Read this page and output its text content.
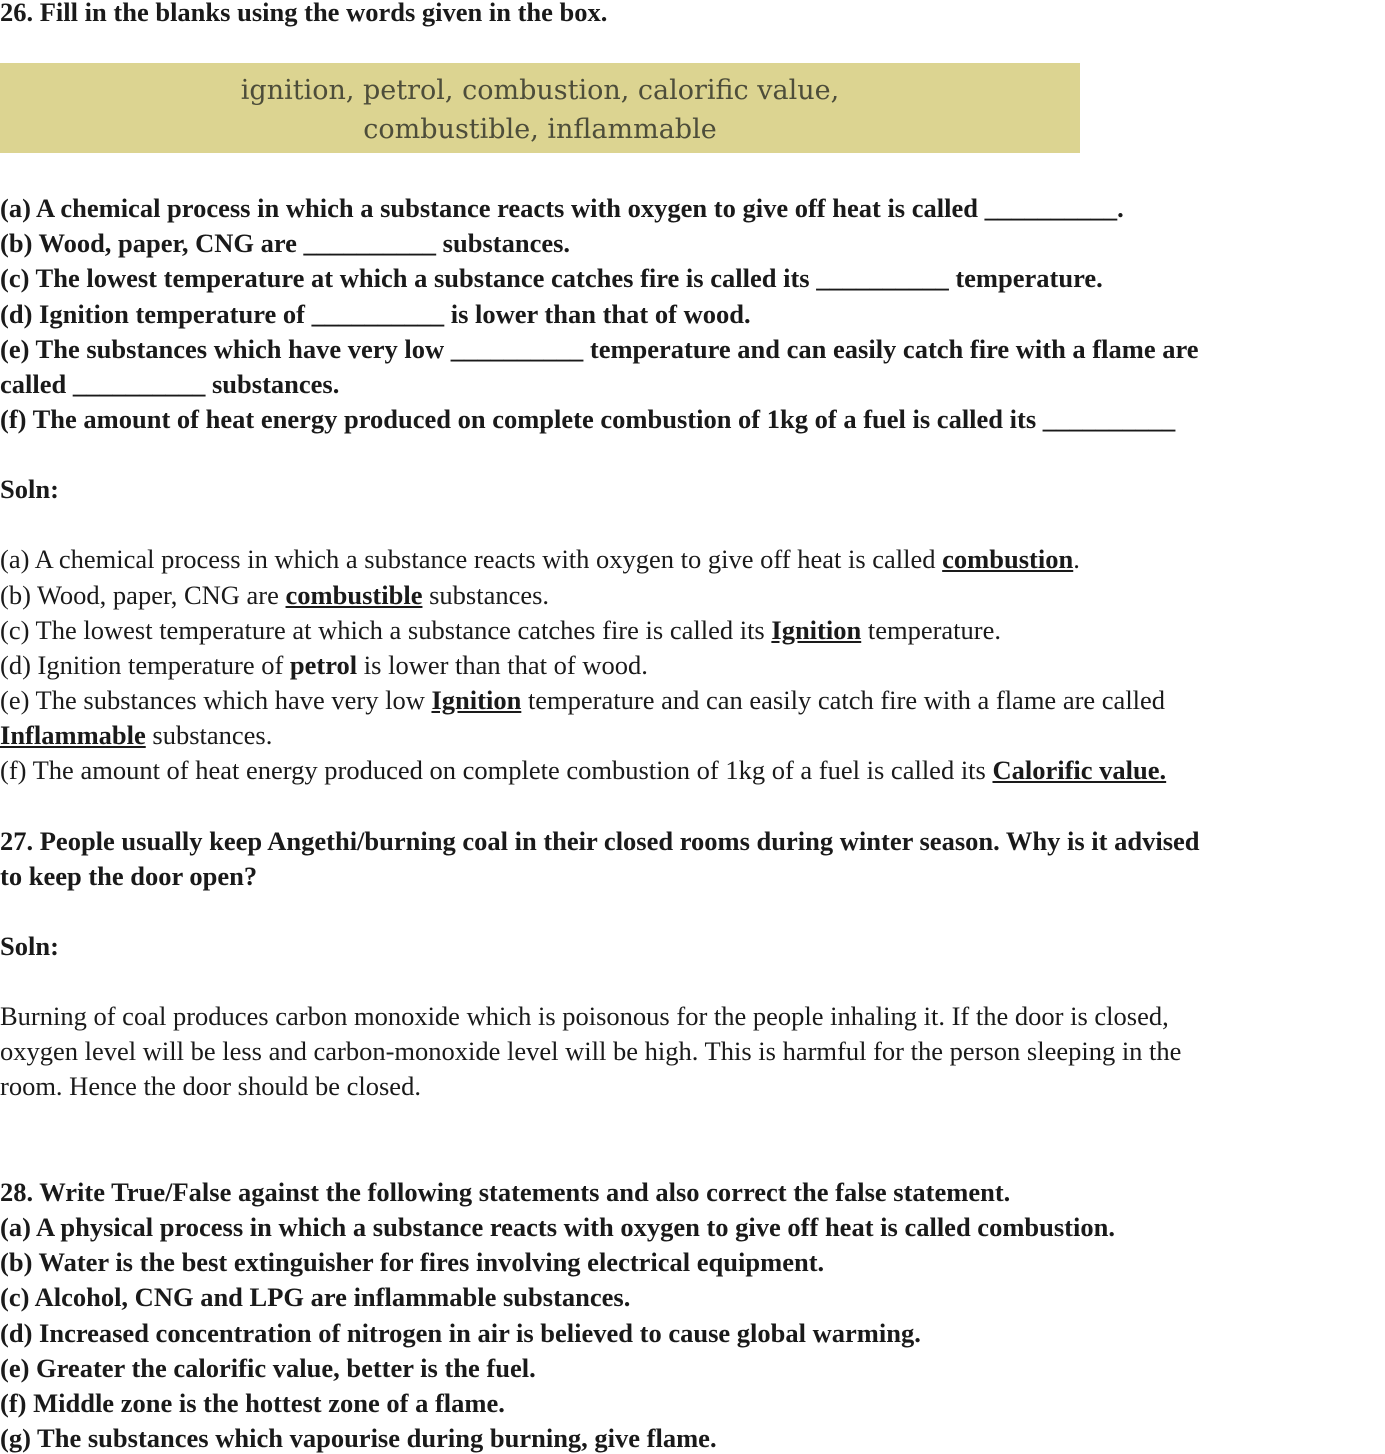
26. Fill in the blanks using the words given in the box.
ignition, petrol, combustion, calorific value,
combustible, inflammable
(a) A chemical process in which a substance reacts with oxygen to give off heat is called __________.
(b) Wood, paper, CNG are __________ substances.
(c) The lowest temperature at which a substance catches fire is called its __________ temperature.
(d) Ignition temperature of __________ is lower than that of wood.
(e) The substances which have very low __________ temperature and can easily catch fire with a flame are
called __________ substances.
(f) The amount of heat energy produced on complete combustion of 1kg of a fuel is called its __________
Soln:
(a) A chemical process in which a substance reacts with oxygen to give off heat is called combustion.
(b) Wood, paper, CNG are combustible substances.
(c) The lowest temperature at which a substance catches fire is called its Ignition temperature.
(d) Ignition temperature of petrol is lower than that of wood.
(e) The substances which have very low Ignition temperature and can easily catch fire with a flame are called
Inflammable substances.
(f) The amount of heat energy produced on complete combustion of 1kg of a fuel is called its Calorific value.
27. People usually keep Angethi/burning coal in their closed rooms during winter season. Why is it advised
to keep the door open?
Soln:
Burning of coal produces carbon monoxide which is poisonous for the people inhaling it. If the door is closed,
oxygen level will be less and carbon-monoxide level will be high. This is harmful for the person sleeping in the
room. Hence the door should be closed.
28. Write True/False against the following statements and also correct the false statement.
(a) A physical process in which a substance reacts with oxygen to give off heat is called combustion.
(b) Water is the best extinguisher for fires involving electrical equipment.
(c) Alcohol, CNG and LPG are inflammable substances.
(d) Increased concentration of nitrogen in air is believed to cause global warming.
(e) Greater the calorific value, better is the fuel.
(f) Middle zone is the hottest zone of a flame.
(g) The substances which vapourise during burning, give flame.
